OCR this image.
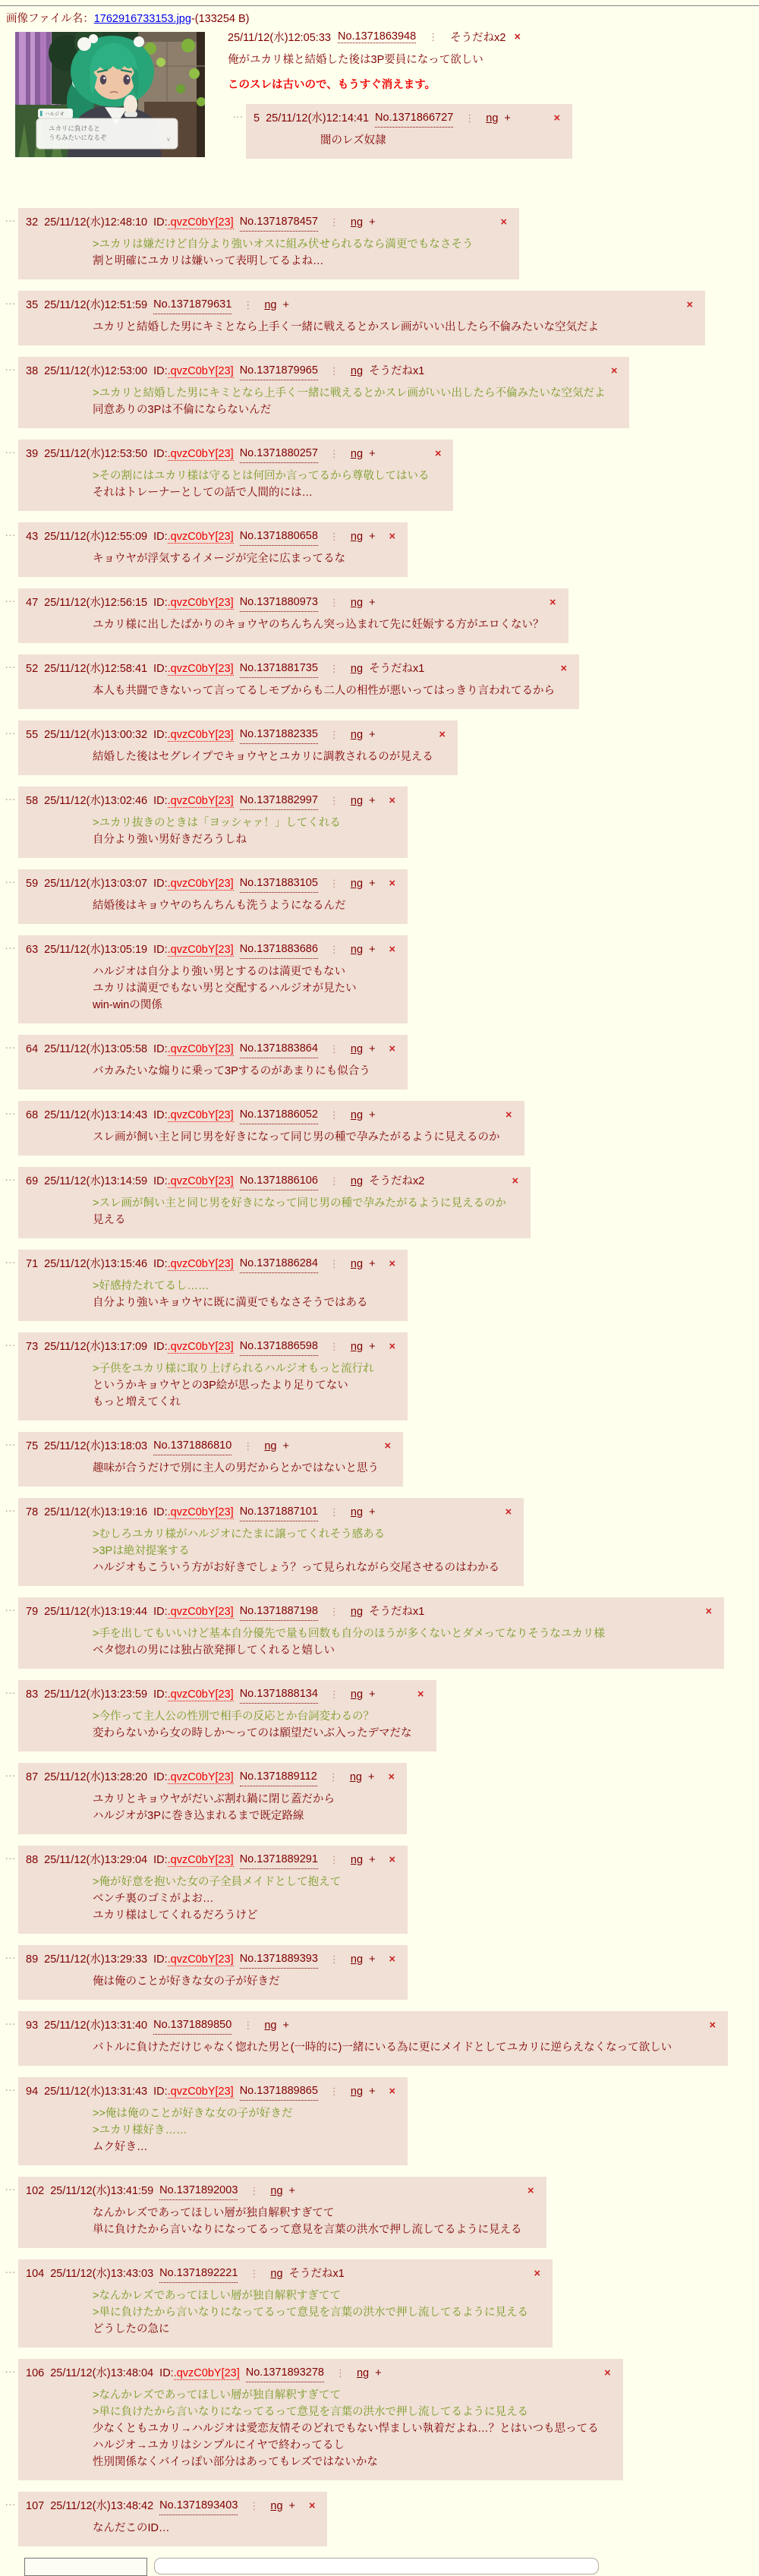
画像ファイル名：1762916733153.jpg-(133254 B)
ハルジオ
ユカリに負けると
うちみたいになるぞ	v
25/11/12(水)12:05:33 No.1371863948 ⋮ そうだねx2 ×
俺がユカリ様と結婚した後は3P要員になって欲しい
このスレは古いので、もうすぐ消えます。
… 5 25/11/12(水)12:14:41 No.1371866727 ⋮ ng +	×
闇のレズ奴隷
… 32 25/11/12(水)12:48:10 ID:.qvzC0bY[23] No.1371878457 ⋮ ng +	×
>ユカリは嫌だけど自分より強いオスに組み伏せられるなら満更でもなさそう
割と明確にユカリは嫌いって表明してるよね…
… 35 25/11/12(水)12:51:59 No.1371879631 ⋮ ng +	×
ユカリと結婚した男にキミとなら上手く一緒に戦えるとかスレ画がいい出したら不倫みたいな空気だよ
… 38 25/11/12(水)12:53:00 ID:.qvzC0bY[23] No.1371879965 ⋮ ng そうだねx1	×
>ユカリと結婚した男にキミとなら上手く一緒に戦えるとかスレ画がいい出したら不倫みたいな空気だよ
同意ありの3Pは不倫にならないんだ
… 39 25/11/12(水)12:53:50 ID:.qvzC0bY[23] No.1371880257 ⋮ ng +	×
>その割にはユカリ様は守るとは何回か言ってるから尊敬してはいる
それはトレーナーとしての話で人間的には…
… 43 25/11/12(水)12:55:09 ID:.qvzC0bY[23] No.1371880658 ⋮ ng + ×
キョウヤが浮気するイメージが完全に広まってるな
… 47 25/11/12(水)12:56:15 ID:.qvzC0bY[23] No.1371880973 ⋮ ng +	×
ユカリ様に出したばかりのキョウヤのちんちん突っ込まれて先に妊娠する方がエロくない？
… 52 25/11/12(水)12:58:41 ID:.qvzC0bY[23] No.1371881735 ⋮ ng そうだねx1	×
本人も共闘できないって言ってるしモブからも二人の相性が悪いってはっきり言われてるから
… 55 25/11/12(水)13:00:32 ID:.qvzC0bY[23] No.1371882335 ⋮ ng +	×
結婚した後はセグレイプでキョウヤとユカリに調教されるのが見える
… 58 25/11/12(水)13:02:46 ID:.qvzC0bY[23] No.1371882997 ⋮ ng + ×
>ユカリ抜きのときは「ヨッシャァ！」してくれる
自分より強い男好きだろうしね
… 59 25/11/12(水)13:03:07 ID:.qvzC0bY[23] No.1371883105 ⋮ ng + ×
結婚後はキョウヤのちんちんも洗うようになるんだ
… 63 25/11/12(水)13:05:19 ID:.qvzC0bY[23] No.1371883686 ⋮ ng + ×
ハルジオは自分より強い男とするのは満更でもない
ユカリは満更でもない男と交配するハルジオが見たい
win-winの関係
… 64 25/11/12(水)13:05:58 ID:.qvzC0bY[23] No.1371883864 ⋮ ng + ×
バカみたいな煽りに乗って3Pするのがあまりにも似合う
… 68 25/11/12(水)13:14:43 ID:.qvzC0bY[23] No.1371886052 ⋮ ng +	×
スレ画が飼い主と同じ男を好きになって同じ男の種で孕みたがるように見えるのか
… 69 25/11/12(水)13:14:59 ID:.qvzC0bY[23] No.1371886106 ⋮ ng そうだねx2	×
>スレ画が飼い主と同じ男を好きになって同じ男の種で孕みたがるように見えるのか
見える
… 71 25/11/12(水)13:15:46 ID:.qvzC0bY[23] No.1371886284 ⋮ ng + ×
>好感持たれてるし……
自分より強いキョウヤに既に満更でもなさそうではある
… 73 25/11/12(水)13:17:09 ID:.qvzC0bY[23] No.1371886598 ⋮ ng + ×
>子供をユカリ様に取り上げられるハルジオもっと流行れ
というかキョウヤとの3P絵が思ったより足りてない
もっと増えてくれ
… 75 25/11/12(水)13:18:03 No.1371886810 ⋮ ng +	×
趣味が合うだけで別に主人の男だからとかではないと思う
… 78 25/11/12(水)13:19:16 ID:.qvzC0bY[23] No.1371887101 ⋮ ng +	×
>むしろユカリ様がハルジオにたまに譲ってくれそう感ある
>3Pは絶対提案する
ハルジオもこういう方がお好きでしょう？って見られながら交尾させるのはわかる
… 79 25/11/12(水)13:19:44 ID:.qvzC0bY[23] No.1371887198 ⋮ ng そうだねx1	×
>手を出してもいいけど基本自分優先で量も回数も自分のほうが多くないとダメってなりそうなユカリ様
ベタ惚れの男には独占欲発揮してくれると嬉しい
… 83 25/11/12(水)13:23:59 ID:.qvzC0bY[23] No.1371888134 ⋮ ng +	×
>今作って主人公の性別で相手の反応とか台詞変わるの？
変わらないから女の時しか～ってのは願望だいぶ入ったデマだな
… 87 25/11/12(水)13:28:20 ID:.qvzC0bY[23] No.1371889112 ⋮ ng + ×
ユカリとキョウヤがだいぶ割れ鍋に閉じ蓋だから
ハルジオが3Pに巻き込まれるまで既定路線
… 88 25/11/12(水)13:29:04 ID:.qvzC0bY[23] No.1371889291 ⋮ ng + ×
>俺が好意を抱いた女の子全員メイドとして抱えて
ベンチ裏のゴミがよお…
ユカリ様はしてくれるだろうけど
… 89 25/11/12(水)13:29:33 ID:.qvzC0bY[23] No.1371889393 ⋮ ng + ×
俺は俺のことが好きな女の子が好きだ
… 93 25/11/12(水)13:31:40 No.1371889850 ⋮ ng +	×
バトルに負けただけじゃなく惚れた男と(一時的に)一緒にいる為に更にメイドとしてユカリに逆らえなくなって欲しい
… 94 25/11/12(水)13:31:43 ID:.qvzC0bY[23] No.1371889865 ⋮ ng + ×
>>俺は俺のことが好きな女の子が好きだ
>ユカリ様好き……
ムク好き…
… 102 25/11/12(水)13:41:59 No.1371892003 ⋮ ng +	×
なんかレズであってほしい層が独自解釈すぎてて
単に負けたから言いなりになってるって意見を言葉の洪水で押し流してるように見える
… 104 25/11/12(水)13:43:03 No.1371892221 ⋮ ng そうだねx1	×
>なんかレズであってほしい層が独自解釈すぎてて
>単に負けたから言いなりになってるって意見を言葉の洪水で押し流してるように見える
どうしたの急に
… 106 25/11/12(水)13:48:04 ID:.qvzC0bY[23] No.1371893278 ⋮ ng +	×
>なんかレズであってほしい層が独自解釈すぎてて
>単に負けたから言いなりになってるって意見を言葉の洪水で押し流してるように見える
少なくともユカリ→ハルジオは愛恋友情そのどれでもない悍ましい執着だよね…？とはいつも思ってる
ハルジオ→ユカリはシンプルにイヤで終わってるし
性別関係なくバイっぽい部分はあってもレズではないかな
… 107 25/11/12(水)13:48:42 No.1371893403 ⋮ ng + ×
なんだこのID…
